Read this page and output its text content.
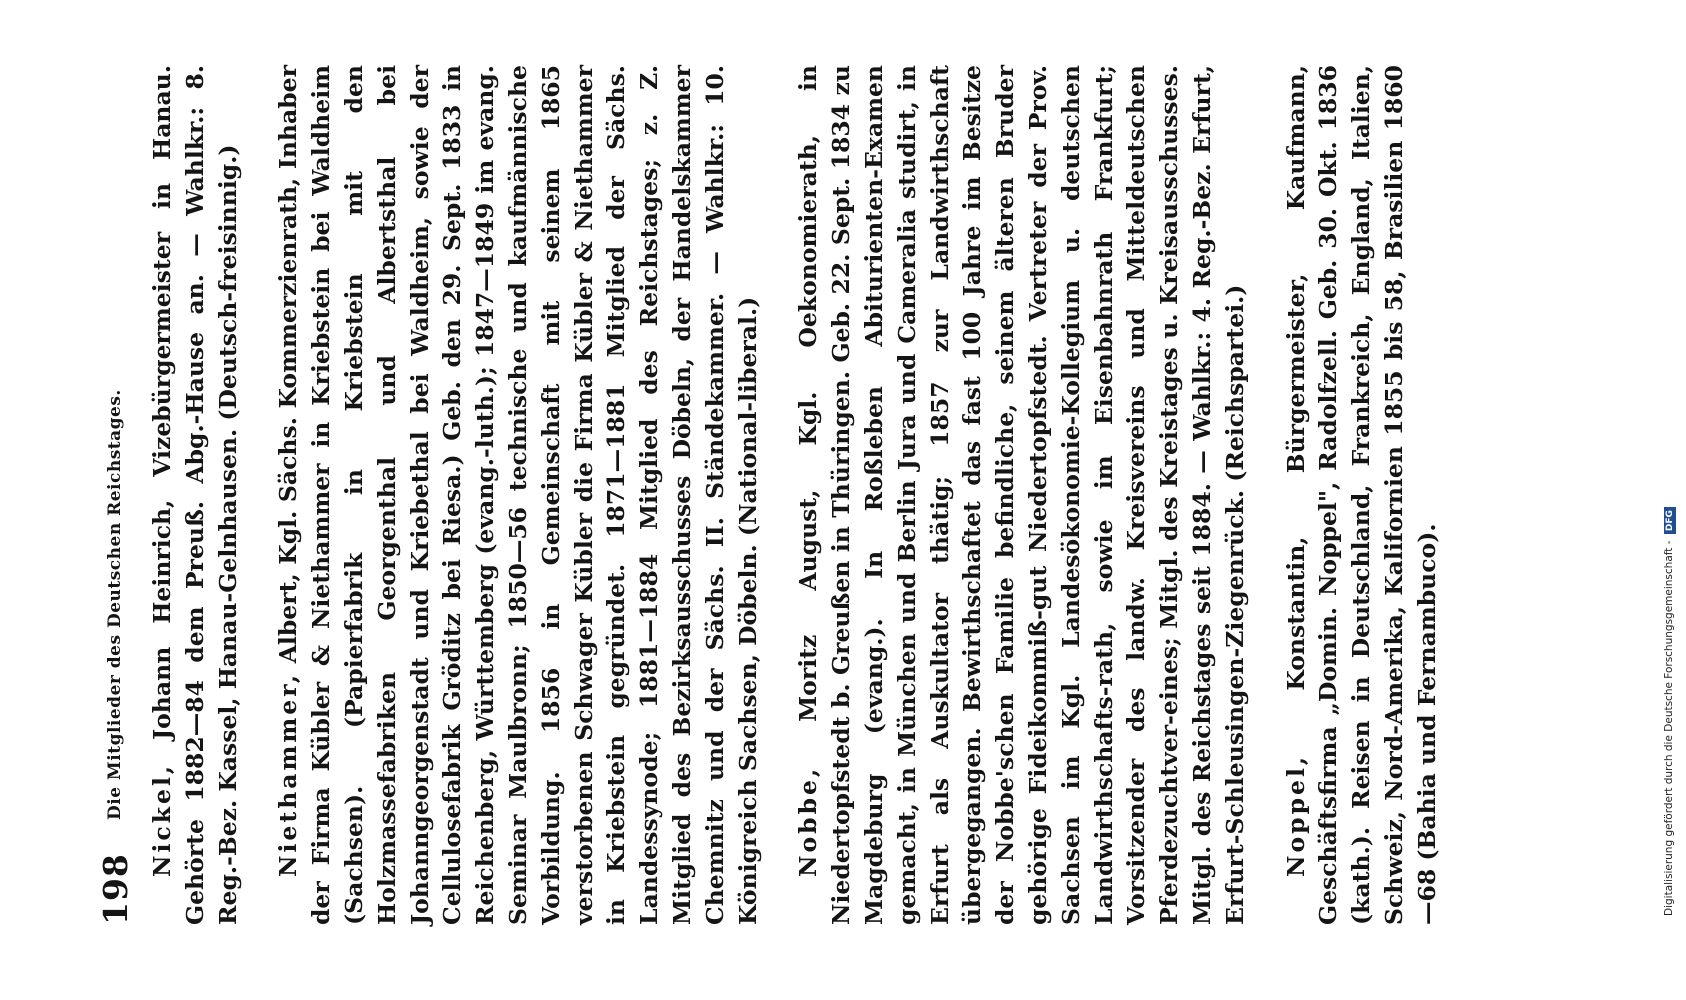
198
Die Mitglieder des Deutschen Reichstages. Nickel, Johann Heinrich, Vizebürgermeister in Hanau. Gehörte 1882—84 dem Preuß. Abg.-Hause an. — Wahlkr.: 8. Reg.-Bez. Kassel, Hanau-Gelnhausen. (Deutsch-freisinnig.) Niethammer, Albert, Kgl. Sächs. Kommerzienrath, Inhaber der Firma Kübler & Niethammer in Kriebstein bei Waldheim (Sachsen). (Papierfabrik in Kriebstein mit den Holzmassefabriken Georgenthal und Albertsthal bei Johanngeorgenstadt und Kriebethal bei Waldheim, sowie der Cellulosefabrik Gröditz bei Riesa.) Geb. den 29. Sept. 1833 in Reichenberg, Württemberg (evang.-luth.); 1847—1849 im evang. Seminar Maulbronn; 1850—56 technische und kaufmännische Vorbildung. 1856 in Gemeinschaft mit seinem 1865 verstorbenen Schwager Kübler die Firma Kübler & Niethammer in Kriebstein gegründet. 1871—1881 Mitglied der Sächs. Landessynode; 1881—1884 Mitglied des Reichstages; z. Z. Mitglied des Bezirksausschusses Döbeln, der Handelskammer Chemnitz und der Sächs. II. Ständekammer. — Wahlkr.: 10. Königreich Sachsen, Döbeln. (National-liberal.) Nobbe, Moritz August, Kgl. Oekonomierath, in Niedertopfstedt b. Greußen in Thüringen. Geb. 22. Sept. 1834 zu Magdeburg (evang.). In Roßleben Abiturienten-Examen gemacht, in München und Berlin Jura und Cameralia studirt, in Erfurt als Auskultator thätig; 1857 zur Landwirthschaft übergegangen. Bewirthschaftet das fast 100 Jahre im Besitze der Nobbe'schen Familie befindliche, seinem älteren Bruder gehörige Fideikommiß-gut Niedertopfstedt. Vertreter der Prov. Sachsen im Kgl. Landesökonomie-Kollegium u. deutschen Landwirthschafts-rath, sowie im Eisenbahnrath Frankfurt; Vorsitzender des landw. Kreisvereins und Mitteldeutschen Pferdezuchtver-eines; Mitgl. des Kreistages u. Kreisausschusses. Mitgl. des Reichstages seit 1884. — Wahlkr.: 4. Reg.-Bez. Erfurt, Erfurt-Schleusingen-Ziegenrück. (Reichspartei.) Noppel, Konstantin, Bürgermeister, Kaufmann, Geschäftsfirma „Domin. Noppel", Radolfzell. Geb. 30. Okt. 1836 (kath.). Reisen in Deutschland, Frankreich, England, Italien, Schweiz, Nord-Amerika, Kalifornien 1855 bis 58, Brasilien 1860—68 (Bahia und Fernambuco).	Digitalisierung gefördert durch die Deutsche Forschungsgemeinschaft - DFG
